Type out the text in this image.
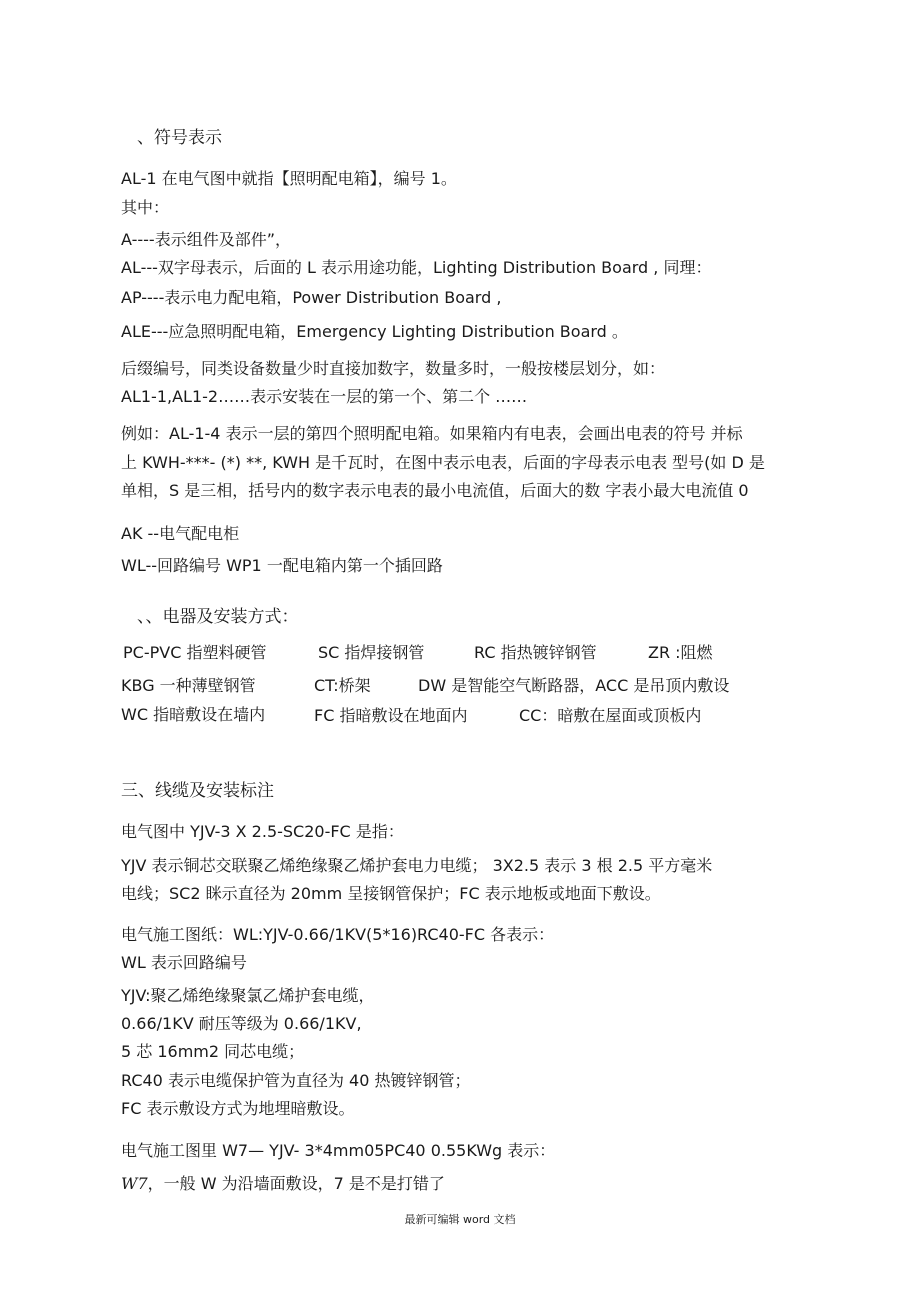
、符号表示
AL-1 在电气图中就指【照明配电箱】，编号 1。
其中：
A----表示组件及部件”，
AL---双字母表示，后面的 L 表示用途功能，Lighting Distribution Board , 同理：
AP----表示电力配电箱，Power Distribution Board ,
ALE---应急照明配电箱，Emergency Lighting Distribution Board 。
后缀编号，同类设备数量少时直接加数字，数量多时，一般按楼层划分，如：
AL1-1,AL1-2……表示安装在一层的第一个、第二个 ……
例如：AL-1-4 表示一层的第四个照明配电箱。如果箱内有电表，会画出电表的符号 并标
上 KWH-***- (*) **, KWH 是千瓦时，在图中表示电表，后面的字母表示电表 型号(如 D 是
单相，S 是三相，括号内的数字表示电表的最小电流值，后面大的数 字表小最大电流值 0
AK --电气配电柜
WL--回路编号 WP1 一配电箱内第一个插回路
、、电器及安装方式：
PC-PVC 指塑料硬管	SC 指焊接钢管	RC 指热镀锌钢管	ZR :阻燃
KBG 一种薄壁钢管	CT:桥架	DW 是智能空气断路器，ACC 是吊顶内敷设
WC 指暗敷设在墙内	FC 指暗敷设在地面内	CC：暗敷在屋面或顶板内
三、线缆及安装标注
电气图中 YJV-3 X 2.5-SC20-FC 是指：
YJV 表示铜芯交联聚乙烯绝缘聚乙烯护套电力电缆； 3X2.5 表示 3 根 2.5 平方毫米
电线；SC2 眯示直径为 20mm 呈接钢管保护；FC 表示地板或地面下敷设。
电气施工图纸：WL:YJV-0.66/1KV(5*16)RC40-FC 各表示：
WL 表示回路编号
YJV:聚乙烯绝缘聚氯乙烯护套电缆，
0.66/1KV 耐压等级为 0.66/1KV,
5 芯 16mm2 同芯电缆；
RC40 表示电缆保护管为直径为 40 热镀锌钢管；
FC 表示敷设方式为地埋暗敷设。
电气施工图里 W7— YJV- 3*4mm05PC40 0.55KWg 表示：
W7，一般 W 为沿墙面敷设，7 是不是打错了
最新可编辑 word 文档
